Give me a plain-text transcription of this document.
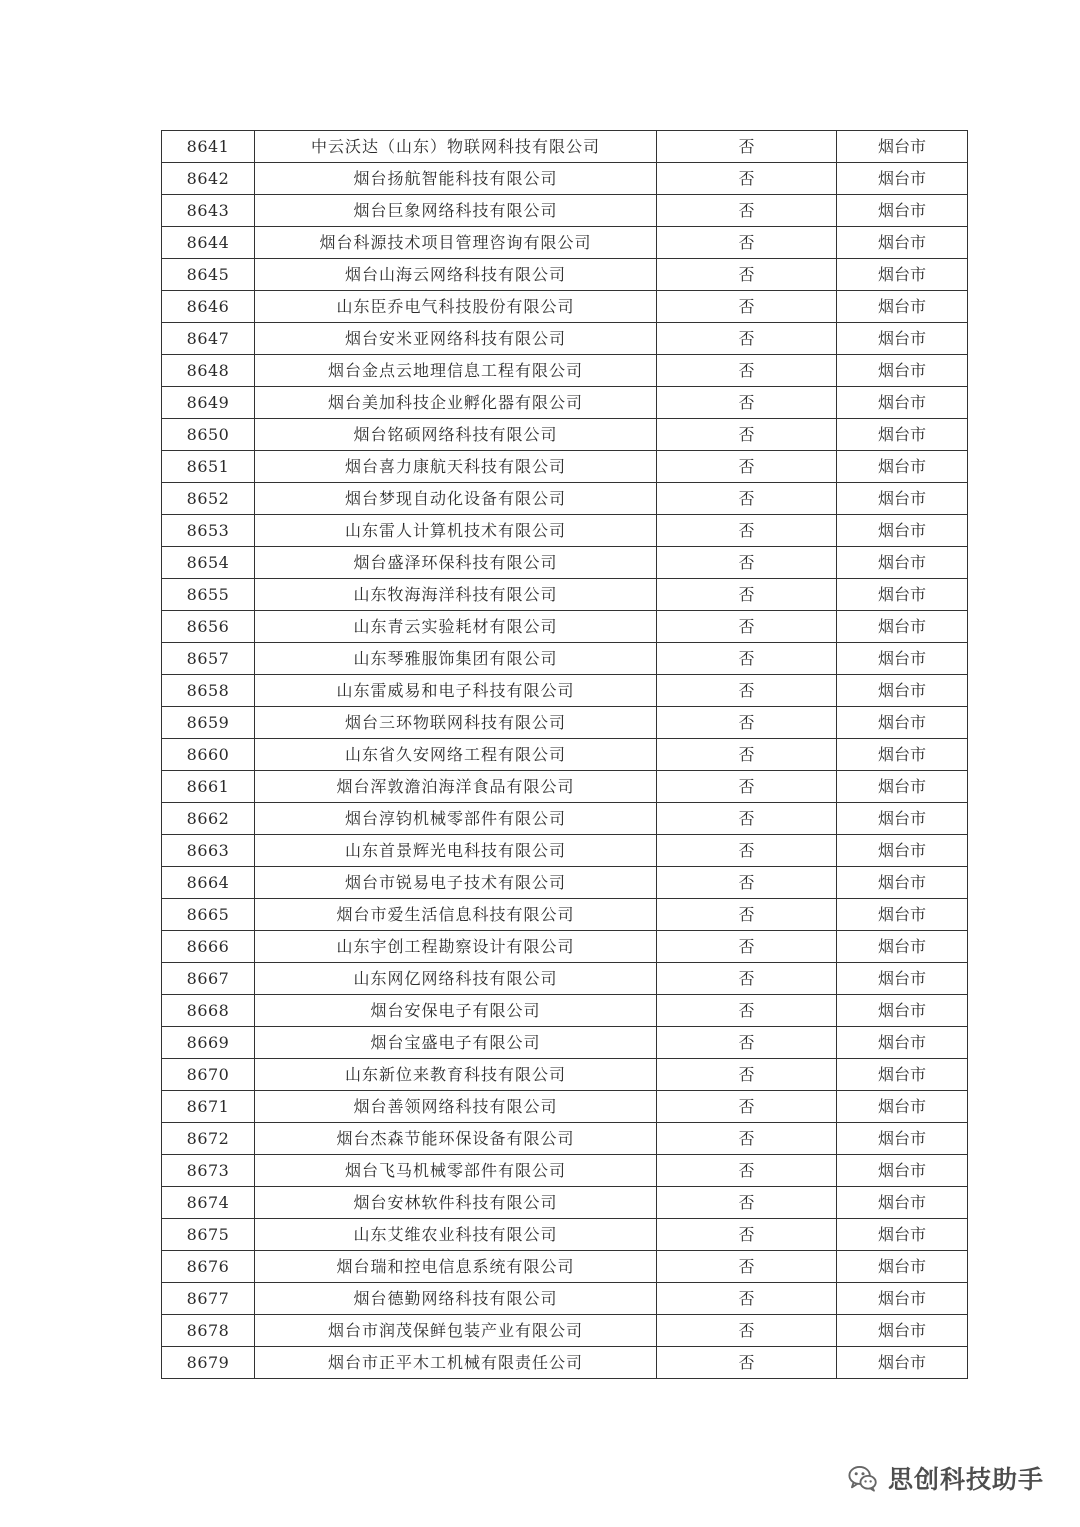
8641	中云沃达（山东）物联网科技有限公司	否	烟台市
8642	烟台扬航智能科技有限公司	否	烟台市
8643	烟台巨象网络科技有限公司	否	烟台市
8644	烟台科源技术项目管理咨询有限公司	否	烟台市
8645	烟台山海云网络科技有限公司	否	烟台市
8646	山东臣乔电气科技股份有限公司	否	烟台市
8647	烟台安米亚网络科技有限公司	否	烟台市
8648	烟台金点云地理信息工程有限公司	否	烟台市
8649	烟台美加科技企业孵化器有限公司	否	烟台市
8650	烟台铭硕网络科技有限公司	否	烟台市
8651	烟台喜力康航天科技有限公司	否	烟台市
8652	烟台梦现自动化设备有限公司	否	烟台市
8653	山东雷人计算机技术有限公司	否	烟台市
8654	烟台盛泽环保科技有限公司	否	烟台市
8655	山东牧海海洋科技有限公司	否	烟台市
8656	山东青云实验耗材有限公司	否	烟台市
8657	山东琴雅服饰集团有限公司	否	烟台市
8658	山东雷威易和电子科技有限公司	否	烟台市
8659	烟台三环物联网科技有限公司	否	烟台市
8660	山东省久安网络工程有限公司	否	烟台市
8661	烟台浑敦澹泊海洋食品有限公司	否	烟台市
8662	烟台淳钧机械零部件有限公司	否	烟台市
8663	山东首景辉光电科技有限公司	否	烟台市
8664	烟台市锐易电子技术有限公司	否	烟台市
8665	烟台市爱生活信息科技有限公司	否	烟台市
8666	山东宇创工程勘察设计有限公司	否	烟台市
8667	山东网亿网络科技有限公司	否	烟台市
8668	烟台安保电子有限公司	否	烟台市
8669	烟台宝盛电子有限公司	否	烟台市
8670	山东新位来教育科技有限公司	否	烟台市
8671	烟台善领网络科技有限公司	否	烟台市
8672	烟台杰森节能环保设备有限公司	否	烟台市
8673	烟台飞马机械零部件有限公司	否	烟台市
8674	烟台安林软件科技有限公司	否	烟台市
8675	山东艾维农业科技有限公司	否	烟台市
8676	烟台瑞和控电信息系统有限公司	否	烟台市
8677	烟台德勤网络科技有限公司	否	烟台市
8678	烟台市润茂保鲜包装产业有限公司	否	烟台市
8679	烟台市正平木工机械有限责任公司	否	烟台市
思创科技助手
